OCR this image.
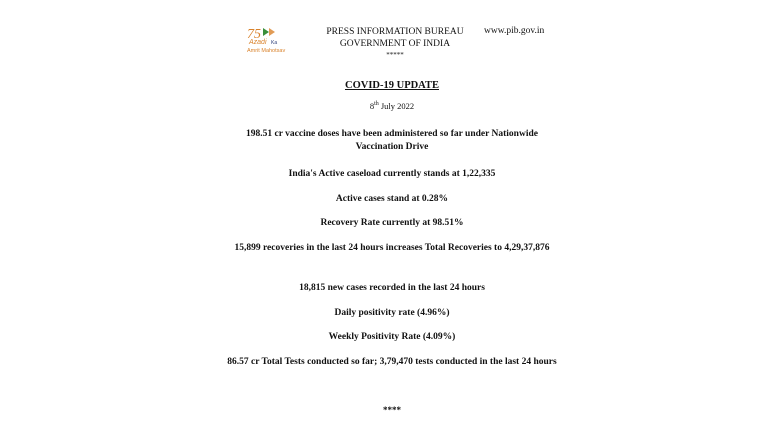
75
Azadi Ka
Amrit Mahotsav
PRESS INFORMATION BUREAU
GOVERNMENT OF INDIA
*****
www.pib.gov.in
COVID-19 UPDATE
8th July 2022
198.51 cr vaccine doses have been administered so far under Nationwide Vaccination Drive
India's Active caseload currently stands at 1,22,335
Active cases stand at 0.28%
Recovery Rate currently at 98.51%
15,899 recoveries in the last 24 hours increases Total Recoveries to 4,29,37,876
18,815 new cases recorded in the last 24 hours
Daily positivity rate (4.96%)
Weekly Positivity Rate (4.09%)
86.57 cr Total Tests conducted so far; 3,79,470 tests conducted in the last 24 hours
****
